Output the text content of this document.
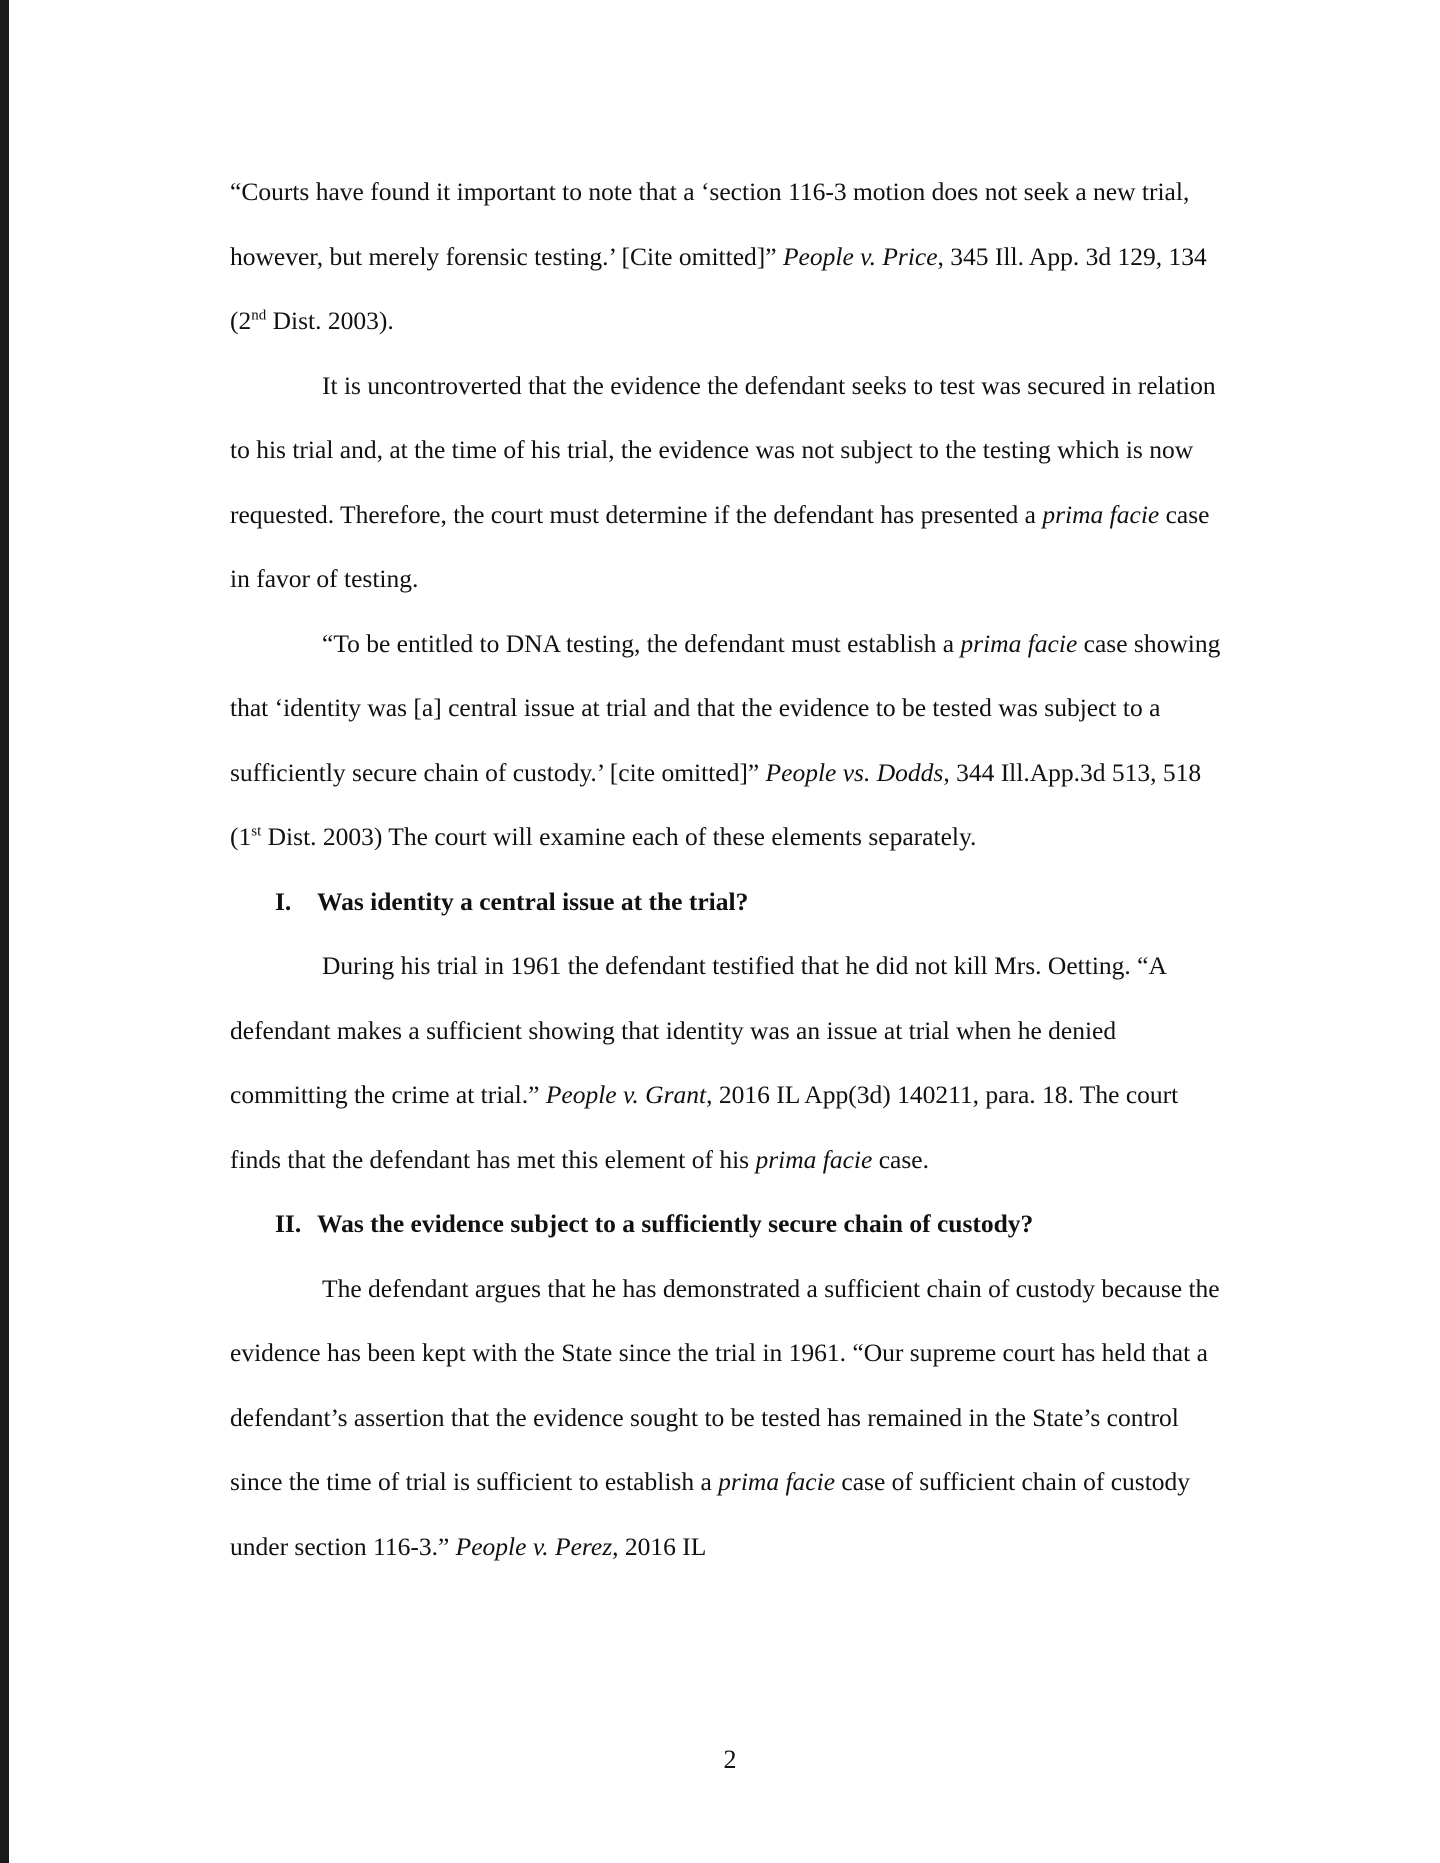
“Courts have found it important to note that a ‘section 116-3 motion does not seek a new trial, however, but merely forensic testing.’ [Cite omitted]” People v. Price, 345 Ill. App. 3d 129, 134 (2nd Dist. 2003).

It is uncontroverted that the evidence the defendant seeks to test was secured in relation to his trial and, at the time of his trial, the evidence was not subject to the testing which is now requested. Therefore, the court must determine if the defendant has presented a prima facie case in favor of testing.

“To be entitled to DNA testing, the defendant must establish a prima facie case showing that ‘identity was [a] central issue at trial and that the evidence to be tested was subject to a sufficiently secure chain of custody.’ [cite omitted]” People vs. Dodds, 344 Ill.App.3d 513, 518 (1st Dist. 2003) The court will examine each of these elements separately.

I. Was identity a central issue at the trial?

During his trial in 1961 the defendant testified that he did not kill Mrs. Oetting. “A defendant makes a sufficient showing that identity was an issue at trial when he denied committing the crime at trial.” People v. Grant, 2016 IL App(3d) 140211, para. 18. The court finds that the defendant has met this element of his prima facie case.

II. Was the evidence subject to a sufficiently secure chain of custody?

The defendant argues that he has demonstrated a sufficient chain of custody because the evidence has been kept with the State since the trial in 1961. “Our supreme court has held that a defendant’s assertion that the evidence sought to be tested has remained in the State’s control since the time of trial is sufficient to establish a prima facie case of sufficient chain of custody under section 116-3.” People v. Perez, 2016 IL

2
